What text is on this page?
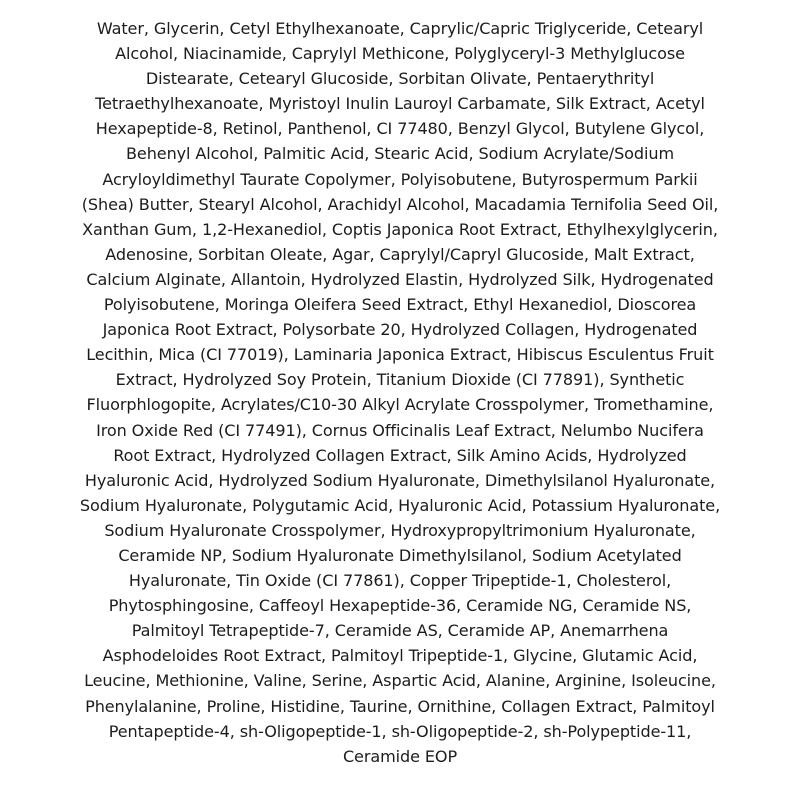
Water, Glycerin, Cetyl Ethylhexanoate, Caprylic/Capric Triglyceride, Cetearyl
Alcohol, Niacinamide, Caprylyl Methicone, Polyglyceryl-3 Methylglucose
Distearate, Cetearyl Glucoside, Sorbitan Olivate, Pentaerythrityl
Tetraethylhexanoate, Myristoyl Inulin Lauroyl Carbamate, Silk Extract, Acetyl
Hexapeptide-8, Retinol, Panthenol, CI 77480, Benzyl Glycol, Butylene Glycol,
Behenyl Alcohol, Palmitic Acid, Stearic Acid, Sodium Acrylate/Sodium
Acryloyldimethyl Taurate Copolymer, Polyisobutene, Butyrospermum Parkii
(Shea) Butter, Stearyl Alcohol, Arachidyl Alcohol, Macadamia Ternifolia Seed Oil,
Xanthan Gum, 1,2-Hexanediol, Coptis Japonica Root Extract, Ethylhexylglycerin,
Adenosine, Sorbitan Oleate, Agar, Caprylyl/Capryl Glucoside, Malt Extract,
Calcium Alginate, Allantoin, Hydrolyzed Elastin, Hydrolyzed Silk, Hydrogenated
Polyisobutene, Moringa Oleifera Seed Extract, Ethyl Hexanediol, Dioscorea
Japonica Root Extract, Polysorbate 20, Hydrolyzed Collagen, Hydrogenated
Lecithin, Mica (CI 77019), Laminaria Japonica Extract, Hibiscus Esculentus Fruit
Extract, Hydrolyzed Soy Protein, Titanium Dioxide (CI 77891), Synthetic
Fluorphlogopite, Acrylates/C10-30 Alkyl Acrylate Crosspolymer, Tromethamine,
Iron Oxide Red (CI 77491), Cornus Officinalis Leaf Extract, Nelumbo Nucifera
Root Extract, Hydrolyzed Collagen Extract, Silk Amino Acids, Hydrolyzed
Hyaluronic Acid, Hydrolyzed Sodium Hyaluronate, Dimethylsilanol Hyaluronate,
Sodium Hyaluronate, Polygutamic Acid, Hyaluronic Acid, Potassium Hyaluronate,
Sodium Hyaluronate Crosspolymer, Hydroxypropyltrimonium Hyaluronate,
Ceramide NP, Sodium Hyaluronate Dimethylsilanol, Sodium Acetylated
Hyaluronate, Tin Oxide (CI 77861), Copper Tripeptide-1, Cholesterol,
Phytosphingosine, Caffeoyl Hexapeptide-36, Ceramide NG, Ceramide NS,
Palmitoyl Tetrapeptide-7, Ceramide AS, Ceramide AP, Anemarrhena
Asphodeloides Root Extract, Palmitoyl Tripeptide-1, Glycine, Glutamic Acid,
Leucine, Methionine, Valine, Serine, Aspartic Acid, Alanine, Arginine, Isoleucine,
Phenylalanine, Proline, Histidine, Taurine, Ornithine, Collagen Extract, Palmitoyl
Pentapeptide-4, sh-Oligopeptide-1, sh-Oligopeptide-2, sh-Polypeptide-11,
Ceramide EOP
